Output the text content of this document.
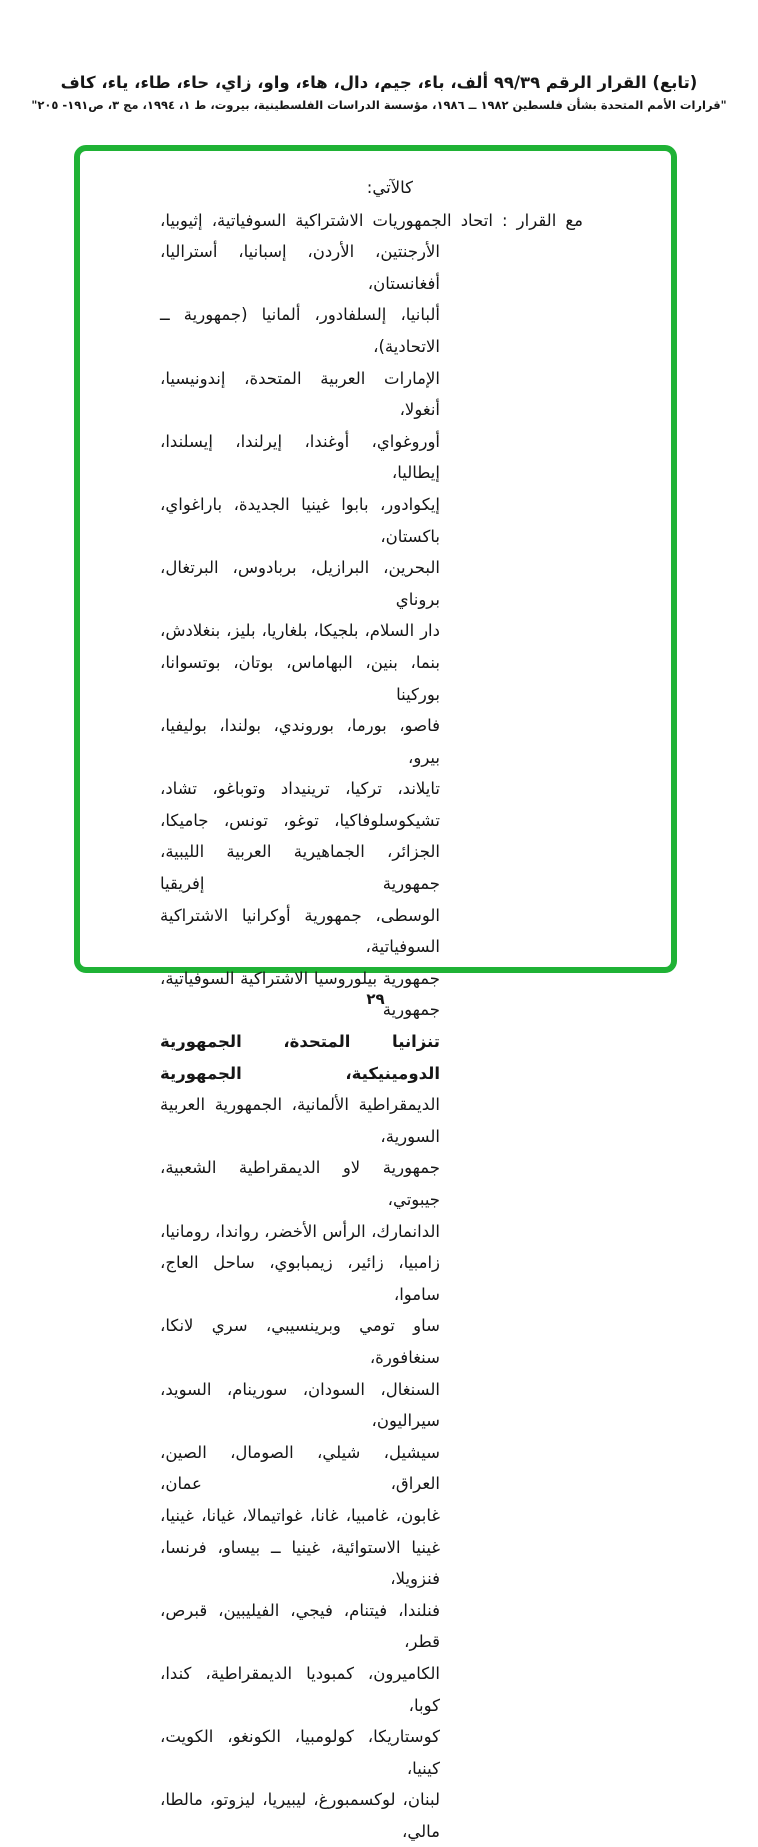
(تابع) القرار الرقم ٩٩/٣٩ ألف، باء، جيم، دال، هاء، واو، زاي، حاء، طاء، ياء، كاف
"قرارات الأمم المتحدة بشأن فلسطين ١٩٨٢ ــ ١٩٨٦، مؤسسة الدراسات الفلسطينية، بيروت، ط ١، ١٩٩٤، مج ٣، ص١٩١- ٢٠٥"
كالآتي:
مع القرار : اتحاد الجمهوريات الاشتراكية السوفياتية، إثيوبيا،
الأرجنتين، الأردن، إسبانيا، أستراليا، أفغانستان،
ألبانيا، إلسلفادور، ألمانيا (جمهورية ــ الاتحادية)،
الإمارات العربية المتحدة، إندونيسيا، أنغولا،
أوروغواي، أوغندا، إيرلندا، إيسلندا، إيطاليا،
إيكوادور، بابوا غينيا الجديدة، باراغواي، باكستان،
البحرين، البرازيل، بربادوس، البرتغال، بروناي
دار السلام، بلجيكا، بلغاريا، بليز، بنغلادش،
بنما، بنين، البهاماس، بوتان، بوتسوانا، بوركينا
فاصو، بورما، بوروندي، بولندا، بوليفيا، بيرو،
تايلاند، تركيا، ترينيداد وتوباغو، تشاد،
تشيكوسلوفاكيا، توغو، تونس، جاميكا،
الجزائر، الجماهيرية العربية الليبية، جمهورية إفريقيا
الوسطى، جمهورية أوكرانيا الاشتراكية السوفياتية،
جمهورية بيلوروسيا الاشتراكية السوفياتية، جمهورية
تنزانيا المتحدة، الجمهورية الدومينيكية، الجمهورية
الديمقراطية الألمانية، الجمهورية العربية السورية،
جمهورية لاو الديمقراطية الشعبية، جيبوتي،
الدانمارك، الرأس الأخضر، رواندا، رومانيا،
زامبيا، زائير، زيمبابوي، ساحل العاج، ساموا،
ساو تومي وبرينسيبي، سري لانكا، سنغافورة،
السنغال، السودان، سورينام، السويد، سيراليون،
سيشيل، شيلي، الصومال، الصين، العراق، عمان،
غابون، غامبيا، غانا، غواتيمالا، غيانا، غينيا،
غينيا الاستوائية، غينيا ــ بيساو، فرنسا، فنزويلا،
فنلندا، فيتنام، فيجي، الفيليبين، قبرص، قطر،
الكاميرون، كمبوديا الديمقراطية، كندا، كوبا،
كوستاريكا، كولومبيا، الكونغو، الكويت، كينيا،
لبنان، لوكسمبورغ، ليبيريا، ليزوتو، مالطا، مالي،
٢٩
